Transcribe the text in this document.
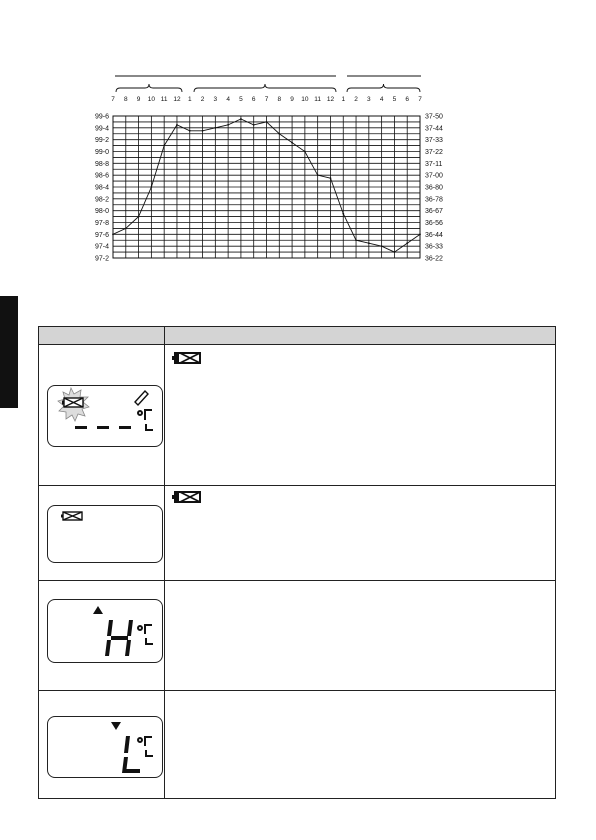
7 8 9 10 11 12 1 2 3 4 5 6 7 8 9 10 11 12 1 2 3 4 5 6 7
99-6
99-4
99-2
99-0
98-8
98-6
98-4
98-2
98-0
97-8
97-6
97-4
97-2
37-50
37-44
37-33
37-22
37-11
37-00
36-80
36-78
36-67
36-56
36-44
36-33
36-22
